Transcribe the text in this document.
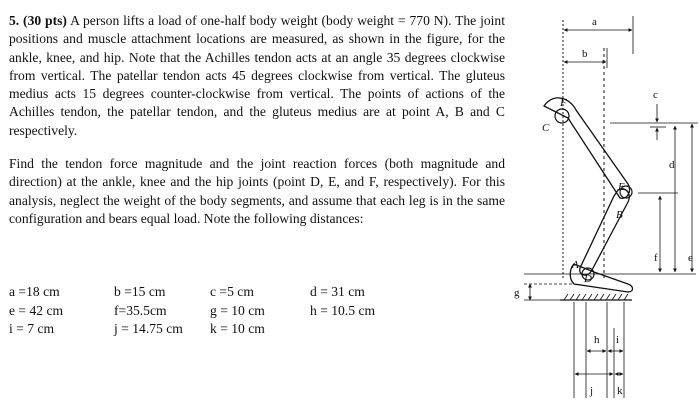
5. (30 pts) A person lifts a load of one-half body weight (body weight = 770 N). The joint positions and muscle attachment locations are measured, as shown in the figure, for the ankle, knee, and hip. Note that the Achilles tendon acts at an angle 35 degrees clockwise from vertical. The patellar tendon acts 45 degrees clockwise from vertical. The gluteus medius acts 15 degrees counter-clockwise from vertical. The points of actions of the Achilles tendon, the patellar tendon, and the gluteus medius are at point A, B and C respectively.

Find the tendon force magnitude and the joint reaction forces (both magnitude and direction) at the ankle, knee and the hip joints (point D, E, and F, respectively). For this analysis, neglect the weight of the body segments, and assume that each leg is in the same configuration and bears equal load. Note the following distances:

a =18 cm	b =15 cm	c =5 cm	d = 31 cm
e = 42 cm	f=35.5cm	g = 10 cm	h = 10.5 cm
i = 7 cm	j = 14.75 cm k = 10 cm
a
b
c
d
e
f
g
F
C
E
B
A
D
h i
j k
